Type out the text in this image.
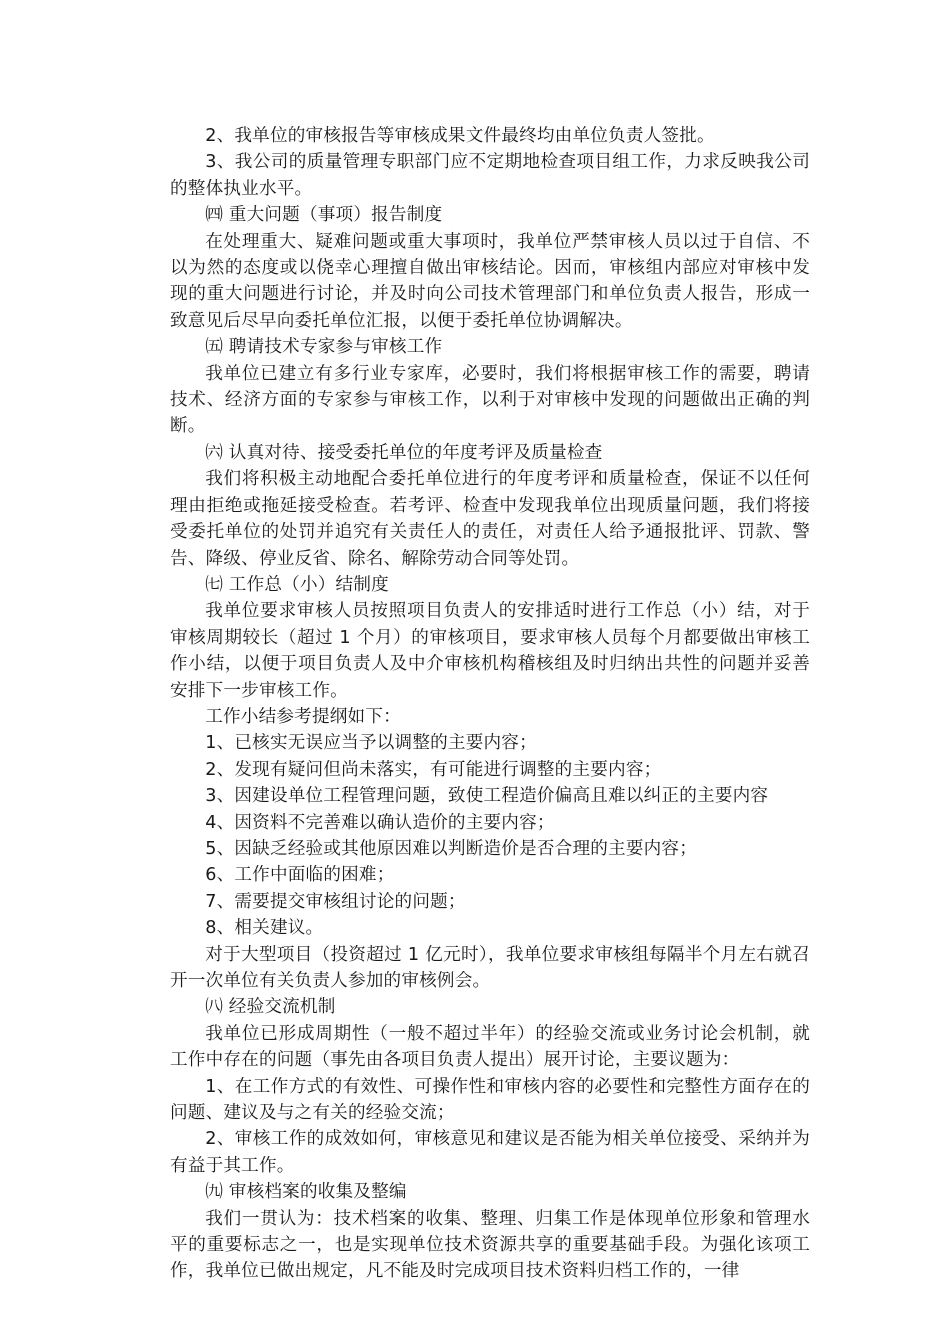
2、我单位的审核报告等审核成果文件最终均由单位负责人签批。

3、我公司的质量管理专职部门应不定期地检查项目组工作，力求反映我公司的整体执业水平。

㈣ 重大问题（事项）报告制度

在处理重大、疑难问题或重大事项时，我单位严禁审核人员以过于自信、不以为然的态度或以侥幸心理擅自做出审核结论。因而，审核组内部应对审核中发现的重大问题进行讨论，并及时向公司技术管理部门和单位负责人报告，形成一致意见后尽早向委托单位汇报，以便于委托单位协调解决。

㈤ 聘请技术专家参与审核工作

我单位已建立有多行业专家库，必要时，我们将根据审核工作的需要，聘请技术、经济方面的专家参与审核工作，以利于对审核中发现的问题做出正确的判断。

㈥ 认真对待、接受委托单位的年度考评及质量检查

我们将积极主动地配合委托单位进行的年度考评和质量检查，保证不以任何理由拒绝或拖延接受检查。若考评、检查中发现我单位出现质量问题，我们将接受委托单位的处罚并追究有关责任人的责任，对责任人给予通报批评、罚款、警告、降级、停业反省、除名、解除劳动合同等处罚。

㈦ 工作总（小）结制度

我单位要求审核人员按照项目负责人的安排适时进行工作总（小）结，对于审核周期较长（超过 1 个月）的审核项目，要求审核人员每个月都要做出审核工作小结，以便于项目负责人及中介审核机构稽核组及时归纳出共性的问题并妥善安排下一步审核工作。

工作小结参考提纲如下：

1、已核实无误应当予以调整的主要内容；

2、发现有疑问但尚未落实，有可能进行调整的主要内容；

3、因建设单位工程管理问题，致使工程造价偏高且难以纠正的主要内容

4、因资料不完善难以确认造价的主要内容；

5、因缺乏经验或其他原因难以判断造价是否合理的主要内容；

6、工作中面临的困难；

7、需要提交审核组讨论的问题；

8、相关建议。

对于大型项目（投资超过 1 亿元时），我单位要求审核组每隔半个月左右就召开一次单位有关负责人参加的审核例会。

㈧ 经验交流机制

我单位已形成周期性（一般不超过半年）的经验交流或业务讨论会机制，就工作中存在的问题（事先由各项目负责人提出）展开讨论，主要议题为：

1、在工作方式的有效性、可操作性和审核内容的必要性和完整性方面存在的问题、建议及与之有关的经验交流；

2、审核工作的成效如何，审核意见和建议是否能为相关单位接受、采纳并为有益于其工作。

㈨ 审核档案的收集及整编

我们一贯认为：技术档案的收集、整理、归集工作是体现单位形象和管理水平的重要标志之一，也是实现单位技术资源共享的重要基础手段。为强化该项工作，我单位已做出规定，凡不能及时完成项目技术资料归档工作的，一律
